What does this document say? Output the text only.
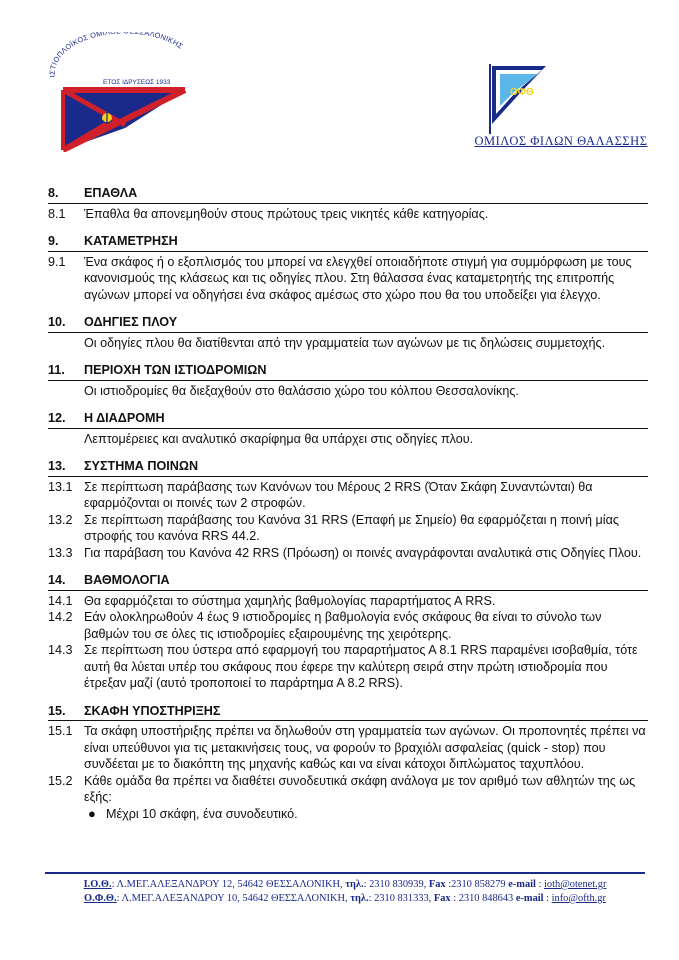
ΙΣΤΙΟΠΛΟΪΚΟΣ ΟΜΙΛ ΣΑΛΟΝΙΚΗΣ
ΕΤΟΣ ΙΔΡΥΣΕΩΣ 1933
ΟΦΘ
ΟΜΙΛΟΣ ΦΙΛΩΝ ΘΑΛΑΣΣΗΣ
8.	ΕΠΑΘΛΑ
8.1	Έπαθλα θα απονεμηθούν στους πρώτους τρεις νικητές κάθε κατηγορίας.
9.	ΚΑΤΑΜΕΤΡΗΣΗ
9.1	Ένα σκάφος ή ο εξοπλισμός του μπορεί να ελεγχθεί οποιαδήποτε στιγμή για συμμόρφωση με τους κανονισμούς της κλάσεως και τις οδηγίες πλου. Στη θάλασσα ένας καταμετρητής της επιτροπής αγώνων μπορεί να οδηγήσει ένα σκάφος αμέσως στο χώρο που θα του υποδείξει για έλεγχο.
10.	ΟΔΗΓΙΕΣ ΠΛΟΥ
Οι οδηγίες πλου θα διατίθενται από την γραμματεία των αγώνων με τις δηλώσεις συμμετοχής.
11.	ΠΕΡΙΟΧΗ ΤΩΝ ΙΣΤΙΟΔΡΟΜΙΩΝ
Οι ιστιοδρομίες θα διεξαχθούν στο θαλάσσιο χώρο του κόλπου Θεσσαλονίκης.
12.	Η ΔΙΑΔΡΟΜΗ
Λεπτομέρειες και αναλυτικό σκαρίφημα θα υπάρχει στις οδηγίες πλου.
13.	ΣΥΣΤΗΜΑ ΠΟΙΝΩΝ
13.1 Σε περίπτωση παράβασης των Κανόνων του Μέρους 2 RRS (Όταν Σκάφη Συναντώνται) θα εφαρμόζονται οι ποινές των 2 στροφών.
13.2 Σε περίπτωση παράβασης του Κανόνα 31 RRS (Επαφή με Σημείο) θα εφαρμόζεται η ποινή μίας στροφής του κανόνα RRS 44.2.
13.3 Για παράβαση του Κανόνα 42 RRS (Πρόωση) οι ποινές αναγράφονται αναλυτικά στις Οδηγίες Πλου.
14.	ΒΑΘΜΟΛΟΓΙΑ
14.1 Θα εφαρμόζεται το σύστημα χαμηλής βαθμολογίας παραρτήματος Α RRS.
14.2 Εάν ολοκληρωθούν 4 έως 9 ιστιοδρομίες η βαθμολογία ενός σκάφους θα είναι το σύνολο των βαθμών του σε όλες τις ιστιοδρομίες εξαιρουμένης της χειρότερης.
14.3 Σε περίπτωση που ύστερα από εφαρμογή του παραρτήματος Α 8.1 RRS παραμένει ισοβαθμία, τότε αυτή θα λύεται υπέρ του σκάφους που έφερε την καλύτερη σειρά στην πρώτη ιστιοδρομία που έτρεξαν μαζί (αυτό τροποποιεί το παράρτημα Α 8.2 RRS).
15.	ΣΚΑΦΗ ΥΠΟΣΤΗΡΙΞΗΣ
15.1 Τα σκάφη υποστήριξης πρέπει να δηλωθούν στη γραμματεία των αγώνων. Οι προπονητές πρέπει να είναι υπεύθυνοι για τις μετακινήσεις τους, να φορούν το βραχιόλι ασφαλείας (quick - stop) που συνδέεται με το διακόπτη της μηχανής καθώς και να είναι κάτοχοι διπλώματος ταχυπλόου.
15.2 Κάθε ομάδα θα πρέπει να διαθέτει συνοδευτικά σκάφη ανάλογα με τον αριθμό των αθλητών της ως εξής:
● Μέχρι 10 σκάφη, ένα συνοδευτικό.
Ι.Ο.Θ.: Λ.ΜΕΓ.ΑΛΕΞΑΝΔΡΟΥ 12, 54642 ΘΕΣΣΑΛΟΝΙΚΗ, τηλ.: 2310 830939, Fax :2310 858279 e-mail : ioth@otenet.gr
Ο.Φ.Θ.: Λ.ΜΕΓ.ΑΛΕΞΑΝΔΡΟΥ 10, 54642 ΘΕΣΣΑΛΟΝΙΚΗ, τηλ.: 2310 831333, Fax : 2310 848643 e-mail : info@ofth.gr
